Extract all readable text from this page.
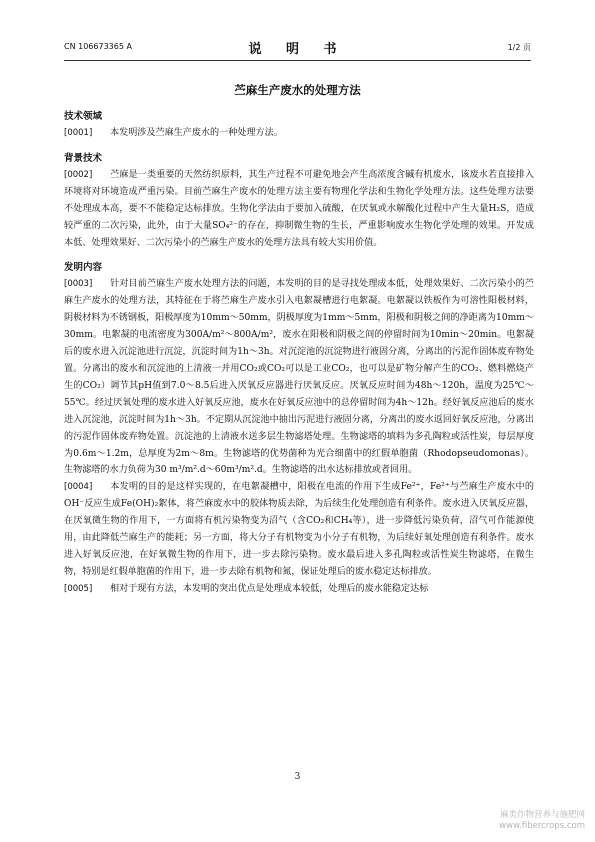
CN 106673365 A	说 明 书	1/2 页
苎麻生产废水的处理方法
技术领域

[0001] 本发明涉及苎麻生产废水的一种处理方法。

背景技术

[0002] 苎麻是一类重要的天然纺织原料，其生产过程不可避免地会产生高浓度含碱有机废水，该废水若直接排入环境将对环境造成严重污染。目前苎麻生产废水的处理方法主要有物理化学法和生物化学处理方法。这些处理方法要不处理成本高，要不不能稳定达标排放。生物化学法由于要加入硫酸，在厌氧或水解酸化过程中产生大量H₂S，造成较严重的二次污染，此外，由于大量SO₄²⁻的存在，抑制微生物的生长，严重影响废水生物化学处理的效果。开发成本低、处理效果好、二次污染小的苎麻生产废水的处理方法具有较大实用价值。

发明内容

[0003] 针对目前苎麻生产废水处理方法的问题，本发明的目的是寻找处理成本低，处理效果好、二次污染小的苎麻生产废水的处理方法，其特征在于将苎麻生产废水引入电絮凝槽进行电絮凝。电絮凝以铁板作为可溶性阳极材料，阴极材料为不锈钢板，阳极厚度为10mm～50mm，阴极厚度为1mm～5mm，阳极和阴极之间的净距离为10mm～30mm。电絮凝的电流密度为300A/m²～800A/m²，废水在阳极和阴极之间的停留时间为10min～20min。电絮凝后的废水进入沉淀池进行沉淀，沉淀时间为1h～3h。对沉淀池的沉淀物进行液固分离，分离出的污泥作固体废弃物处置。分离出的废水和沉淀池的上清液一并用CO₂或CO₂可以是工业CO₂，也可以是矿物分解产生的CO₂、燃料燃烧产生的CO₂）调节其pH值到7.0～8.5后进入厌氧反应器进行厌氧反应。厌氧反应时间为48h～120h，温度为25℃～55℃。经过厌氧处理的废水进入好氧反应池，废水在好氧反应池中的总停留时间为4h～12h。经好氧反应池后的废水进入沉淀池，沉淀时间为1h～3h。不定期从沉淀池中抽出污泥进行液固分离，分离出的废水返回好氧反应池，分离出的污泥作固体废弃物处置。沉淀池的上清液水送多层生物滤塔处理。生物滤塔的填料为多孔陶粒或活性炭，每层厚度为0.6m～1.2m，总厚度为2m～8m。生物滤塔的优势菌种为光合细菌中的红假单胞菌（Rhodopseudomonas）。生物滤塔的水力负荷为30 m³/m².d～60m³/m².d。生物滤塔的出水达标排放或者回用。

[0004] 本发明的目的是这样实现的，在电絮凝槽中，阳极在电流的作用下生成Fe²⁺，Fe²⁺与苎麻生产废水中的OH⁻反应生成Fe(OH)₂絮体，将苎麻废水中的胶体物质去除，为后续生化处理创造有利条件。废水进入厌氧反应器，在厌氧微生物的作用下，一方面将有机污染物变为沼气（含CO₂和CH₄等），进一步降低污染负荷，沼气可作能源使用，由此降低苎麻生产的能耗；另一方面，将大分子有机物变为小分子有机物，为后续好氧处理创造有利条件。废水进入好氧反应池，在好氧微生物的作用下，进一步去除污染物。废水最后进入多孔陶粒或活性炭生物滤塔，在微生物，特别是红假单胞菌的作用下，进一步去除有机物和氮，保证处理后的废水稳定达标排放。

[0005] 相对于现有方法，本发明的突出优点是处理成本较低，处理后的废水能稳定达标

3
麻类作物营养与施肥网
www.fibercrops.com
